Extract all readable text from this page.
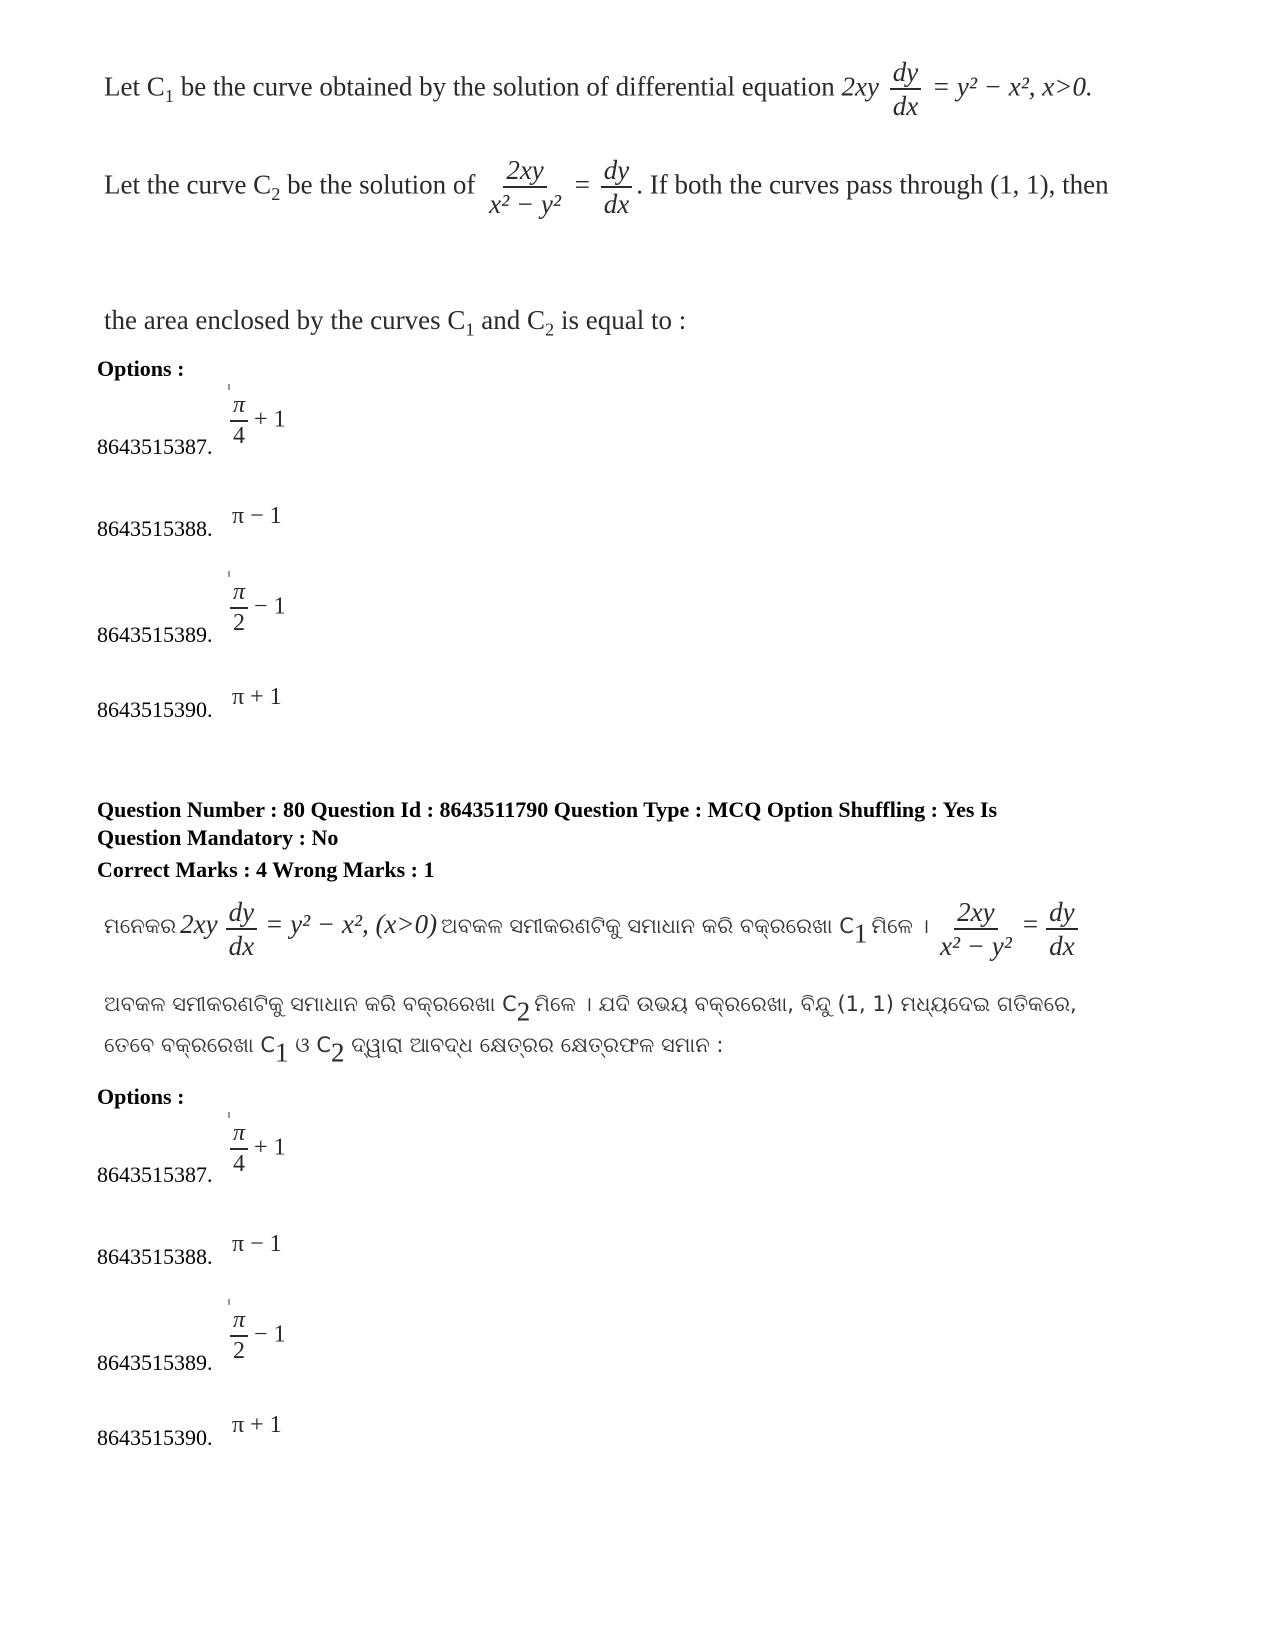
Let $C_1$ be the curve obtained by the solution of differential equation $2xy \frac{dy}{dx} = y^2 - x^2$, x>0.
Let the curve $C_2$ be the solution of $\frac{2xy}{\text{x² − y²}} = \frac{dy}{dx}$ . If both the curves pass through (1, 1), then
the area enclosed by the curves $C_1$ and $C_2$ is equal to :
Options :
$\frac{\pi}{4} + 1$
8643515387.
π − 1
8643515388.
$\frac{\pi}{2} - 1$
8643515389.
π + 1
8643515390.
Question Number : 80 Question Id : 8643511790 Question Type : MCQ Option Shuffling : Yes Is
Question Mandatory : No
Correct Marks : 4 Wrong Marks : 1
ମନେକର $2xy \frac{dy}{dx} = y^2 - x^2$, (x>0) ଅବକଳ ସମୀକରଣଟିକୁ ସମାଧାନ କରି ବକ୍ରରେଖା $C_1$ ମିଳେ । $\frac{2xy}{\text{x² − y²}} = \frac{dy}{dx}$
ଅବକଳ ସମୀକରଣଟିକୁ ସମାଧାନ କରି ବକ୍ରରେଖା $C_2$ ମିଳେ । ଯଦି ଉଭୟ ବକ୍ରରେଖା, ବିନ୍ଦୁ (1, 1) ମଧ୍ୟଦେଇ ଗତିକରେ,
ତେବେ ବକ୍ରରେଖା $C_1$ ଓ $C_2$ ଦ୍ୱାରା ଆବଦ୍ଧ କ୍ଷେତ୍ରର କ୍ଷେତ୍ରଫଳ ସମାନ :
Options :
$\frac{\pi}{4} + 1$
8643515387.
π − 1
8643515388.
$\frac{\pi}{2} - 1$
8643515389.
π + 1
8643515390.
